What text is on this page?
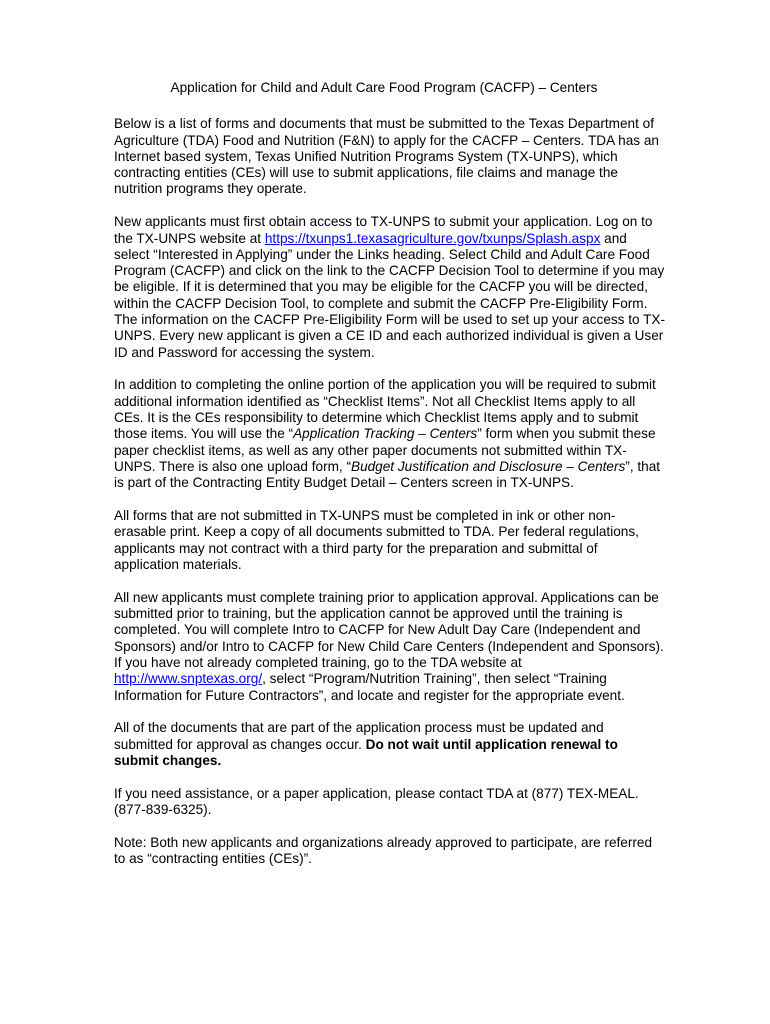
Application for Child and Adult Care Food Program (CACFP) – Centers

Below is a list of forms and documents that must be submitted to the Texas Department of Agriculture (TDA) Food and Nutrition (F&N) to apply for the CACFP – Centers. TDA has an Internet based system, Texas Unified Nutrition Programs System (TX-UNPS), which contracting entities (CEs) will use to submit applications, file claims and manage the nutrition programs they operate.

New applicants must first obtain access to TX-UNPS to submit your application. Log on to the TX-UNPS website at https://txunps1.texasagriculture.gov/txunps/Splash.aspx and select “Interested in Applying” under the Links heading. Select Child and Adult Care Food Program (CACFP) and click on the link to the CACFP Decision Tool to determine if you may be eligible. If it is determined that you may be eligible for the CACFP you will be directed, within the CACFP Decision Tool, to complete and submit the CACFP Pre-Eligibility Form. The information on the CACFP Pre-Eligibility Form will be used to set up your access to TX-UNPS. Every new applicant is given a CE ID and each authorized individual is given a User ID and Password for accessing the system.

In addition to completing the online portion of the application you will be required to submit additional information identified as “Checklist Items”. Not all Checklist Items apply to all CEs. It is the CEs responsibility to determine which Checklist Items apply and to submit those items. You will use the “Application Tracking – Centers” form when you submit these paper checklist items, as well as any other paper documents not submitted within TX-UNPS. There is also one upload form, “Budget Justification and Disclosure – Centers”, that is part of the Contracting Entity Budget Detail – Centers screen in TX-UNPS.

All forms that are not submitted in TX-UNPS must be completed in ink or other non-erasable print. Keep a copy of all documents submitted to TDA. Per federal regulations, applicants may not contract with a third party for the preparation and submittal of application materials.

All new applicants must complete training prior to application approval. Applications can be submitted prior to training, but the application cannot be approved until the training is completed. You will complete Intro to CACFP for New Adult Day Care (Independent and Sponsors) and/or Intro to CACFP for New Child Care Centers (Independent and Sponsors). If you have not already completed training, go to the TDA website at http://www.snptexas.org/, select “Program/Nutrition Training”, then select “Training Information for Future Contractors”, and locate and register for the appropriate event.

All of the documents that are part of the application process must be updated and submitted for approval as changes occur. Do not wait until application renewal to submit changes.

If you need assistance, or a paper application, please contact TDA at (877) TEX-MEAL. (877-839-6325).

Note: Both new applicants and organizations already approved to participate, are referred to as “contracting entities (CEs)”.
